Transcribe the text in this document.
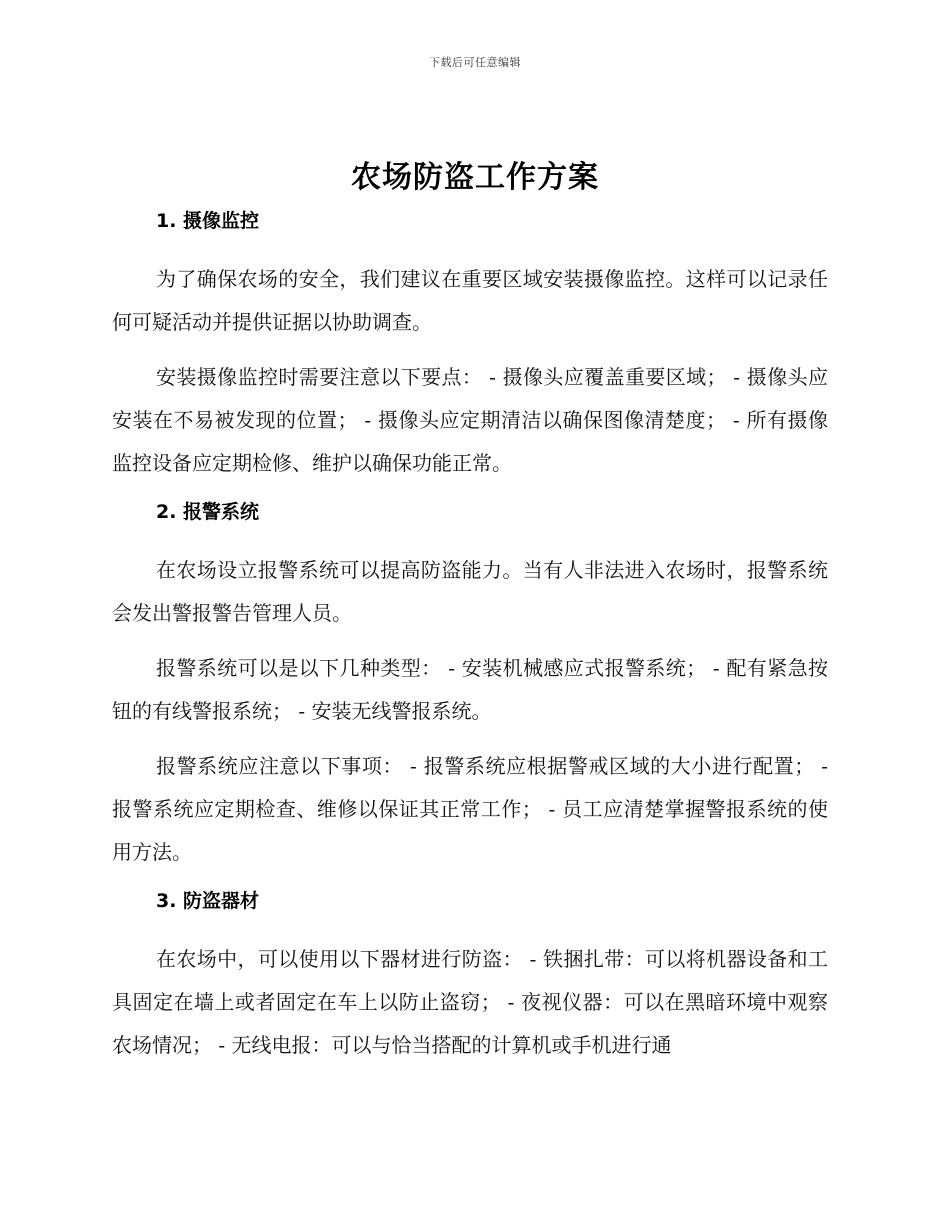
下载后可任意编辑
农场防盗工作方案
1. 摄像监控

为了确保农场的安全，我们建议在重要区域安装摄像监控。这样可以记录任何可疑活动并提供证据以协助调查。

安装摄像监控时需要注意以下要点： - 摄像头应覆盖重要区域； - 摄像头应安装在不易被发现的位置； - 摄像头应定期清洁以确保图像清楚度； - 所有摄像监控设备应定期检修、维护以确保功能正常。

2. 报警系统

在农场设立报警系统可以提高防盗能力。当有人非法进入农场时，报警系统会发出警报警告管理人员。

报警系统可以是以下几种类型： - 安装机械感应式报警系统； - 配有紧急按钮的有线警报系统； - 安装无线警报系统。

报警系统应注意以下事项： - 报警系统应根据警戒区域的大小进行配置； - 报警系统应定期检查、维修以保证其正常工作； - 员工应清楚掌握警报系统的使用方法。

3. 防盗器材

在农场中，可以使用以下器材进行防盗： - 铁捆扎带：可以将机器设备和工具固定在墙上或者固定在车上以防止盗窃； - 夜视仪器：可以在黑暗环境中观察农场情况； - 无线电报：可以与恰当搭配的计算机或手机进行通
